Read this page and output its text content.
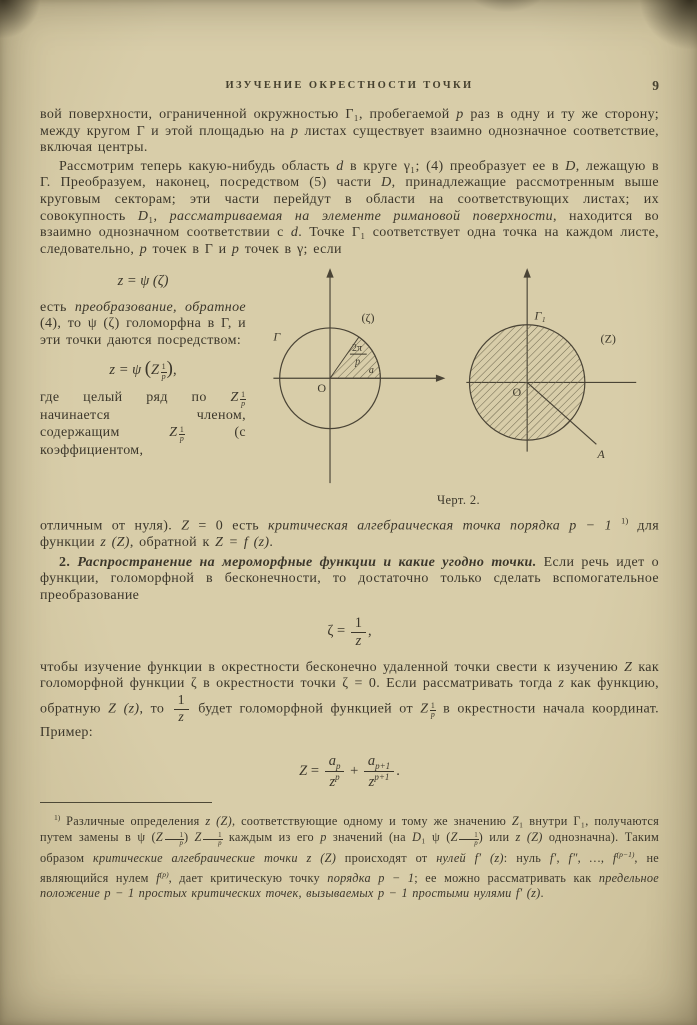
ИЗУЧЕНИЕ ОКРЕСТНОСТИ ТОЧКИ	9

вой поверхности, ограниченной окружностью Γ₁, пробегаемой p раз в одну и ту же сторону; между кругом Γ и этой площадью на p листах существует взаимно однозначное соответствие, включая центры.

Рассмотрим теперь какую-нибудь область d в круге γ₁; (4) преобразует ее в D, лежащую в Γ. Преобразуем, наконец, посредством (5) части D, принадлежащие рассмотренным выше круговым секторам; эти части перейдут в области на соответствующих листах; их совокупность D₁, рассматриваемая на элементе римановой поверхности, находится во взаимно однозначном соответствии с d. Точке Γ₁ соответствует одна точка на каждом листе, следовательно, p точек в Γ и p точек в γ; если

z = ψ (ζ)

есть преобразование, обратное (4), то ψ (ζ) голоморфна в Γ, и эти точки даются посредством:

z = ψ ($Z \frac{1}{p}$ ),

где целый ряд по Z $\frac{1}{p}$
начинается членом, содержащим Z $\frac{1}{p} (с$ коэффициентом,

Γ
(ζ)
2π
p
O
a
Γ₁
(Z)
O
A
Черт. 2.

отличным от нуля). Z = 0 есть критическая алгебраическая точка порядка p − 1 $^{1)}$ для функции z (Z), обратной к Z = f (z).

2. Распространение на мероморфные функции и какие угодно точки. Если речь идет о функции, голоморфной в бесконечности, то достаточно только сделать вспомогательное преобразование

$\zeta = \frac{1}{z}$ ,

чтобы изучение функции в окрестности бесконечно удаленной точки свести к изучению Z как голоморфной функции ζ в окрестности точки ζ = 0. Если рассматривать тогда z как функцию, обратную Z (z), то $\frac{1}{z}$ будет голоморфной функцией от Z $\frac{1}{p}$ в окрестности начала координат. Пример:

$Z = \frac{a_p}{z^p} + \frac{a_{p+1}}{z^{p+1}}$ .

$^{1)}$ Различные определения z (Z), соответствующие одному и тому же значению Z₁ внутри Γ₁, получаются путем замены в ψ ($Z \frac{1}{p}$ ) Z $\frac{1}{p}$ каждым из его p значений (на D₁ ψ ($Z \frac{1}{p}$ ) или z (Z) однозначна). Таким образом критические алгебраические точки z (Z) происходят от нулей f′ (z): нуль f′, f″, …, $f^{(p-1)}$, не являющийся нулем $f^{(p)}$, дает критическую точку порядка p − 1; ее можно рассматривать как предельное положение p − 1 простых критических точек, вызываемых p − 1 простыми нулями f′ (z).
